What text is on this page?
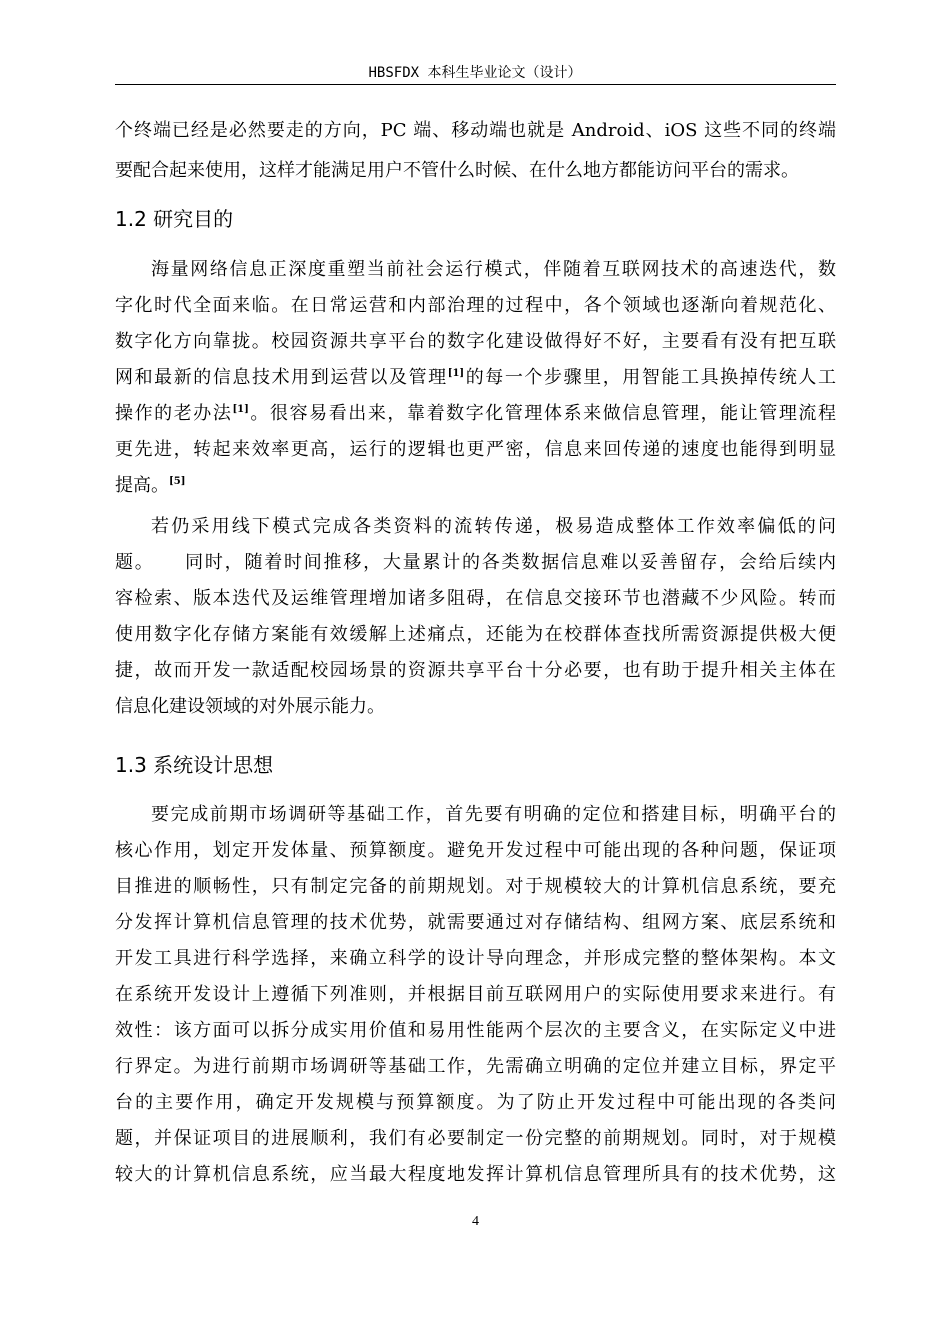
HBSFDX 本科生毕业论文（设计）
个终端已经是必然要走的方向，PC 端、移动端也就是 Android、iOS 这些不同的终端
要配合起来使用，这样才能满足用户不管什么时候、在什么地方都能访问平台的需求。
1.2 研究目的
海量网络信息正深度重塑当前社会运行模式，伴随着互联网技术的高速迭代，数
字化时代全面来临。在日常运营和内部治理的过程中，各个领域也逐渐向着规范化、
数字化方向靠拢。校园资源共享平台的数字化建设做得好不好，主要看有没有把互联
网和最新的信息技术用到运营以及管理[1]的每一个步骤里，用智能工具换掉传统人工
操作的老办法[1]。很容易看出来，靠着数字化管理体系来做信息管理，能让管理流程
更先进，转起来效率更高，运行的逻辑也更严密，信息来回传递的速度也能得到明显
提高。[5]
若仍采用线下模式完成各类资料的流转传递，极易造成整体工作效率偏低的问
题。　　同时，随着时间推移，大量累计的各类数据信息难以妥善留存，会给后续内
容检索、版本迭代及运维管理增加诸多阻碍，在信息交接环节也潜藏不少风险。转而
使用数字化存储方案能有效缓解上述痛点，还能为在校群体查找所需资源提供极大便
捷，故而开发一款适配校园场景的资源共享平台十分必要，也有助于提升相关主体在
信息化建设领域的对外展示能力。
1.3 系统设计思想
要完成前期市场调研等基础工作，首先要有明确的定位和搭建目标，明确平台的
核心作用，划定开发体量、预算额度。避免开发过程中可能出现的各种问题，保证项
目推进的顺畅性，只有制定完备的前期规划。对于规模较大的计算机信息系统，要充
分发挥计算机信息管理的技术优势，就需要通过对存储结构、组网方案、底层系统和
开发工具进行科学选择，来确立科学的设计导向理念，并形成完整的整体架构。本文
在系统开发设计上遵循下列准则，并根据目前互联网用户的实际使用要求来进行。有
效性：该方面可以拆分成实用价值和易用性能两个层次的主要含义，在实际定义中进
行界定。为进行前期市场调研等基础工作，先需确立明确的定位并建立目标，界定平
台的主要作用，确定开发规模与预算额度。为了防止开发过程中可能出现的各类问
题，并保证项目的进展顺利，我们有必要制定一份完整的前期规划。同时，对于规模
较大的计算机信息系统，应当最大程度地发挥计算机信息管理所具有的技术优势，这
4
